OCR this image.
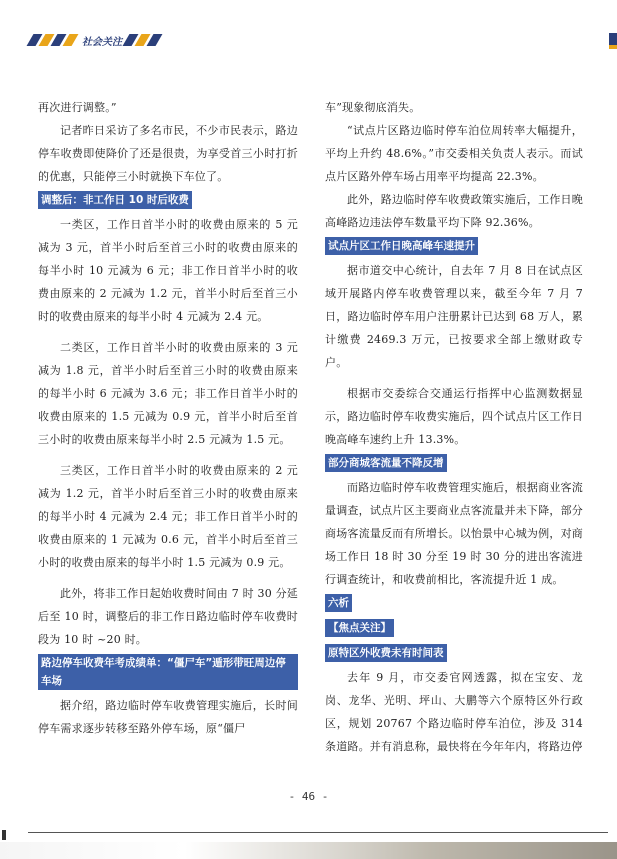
社会关注

再次进行调整。”

记者昨日采访了多名市民，不少市民表示，路边停车收费即使降价了还是很贵，为享受首三小时打折的优惠，只能停三小时就换下车位了。

调整后：非工作日 10 时后收费

一类区，工作日首半小时的收费由原来的 5 元减为 3 元，首半小时后至首三小时的收费由原来的每半小时 10 元减为 6 元；非工作日首半小时的收费由原来的 2 元减为 1.2 元，首半小时后至首三小时的收费由原来的每半小时 4 元减为 2.4 元。

二类区，工作日首半小时的收费由原来的 3 元减为 1.8 元，首半小时后至首三小时的收费由原来的每半小时 6 元减为 3.6 元；非工作日首半小时的收费由原来的 1.5 元减为 0.9 元，首半小时后至首三小时的收费由原来每半小时 2.5 元减为 1.5 元。

三类区，工作日首半小时的收费由原来的 2 元减为 1.2 元，首半小时后至首三小时的收费由原来的每半小时 4 元减为 2.4 元；非工作日首半小时的收费由原来的 1 元减为 0.6 元，首半小时后至首三小时的收费由原来的每半小时 1.5 元减为 0.9 元。

此外，将非工作日起始收费时间由 7 时 30 分延后至 10 时，调整后的非工作日路边临时停车收费时段为 10 时 ~20 时。

路边停车收费年考成绩单：“僵尸车”遁形带旺周边停车场

据介绍，路边临时停车收费管理实施后，长时间停车需求逐步转移至路外停车场，原“僵尸

车”现象彻底消失。

“试点片区路边临时停车泊位周转率大幅提升，平均上升约 48.6%。”市交委相关负责人表示。而试点片区路外停车场占用率平均提高 22.3%。

此外，路边临时停车收费政策实施后，工作日晚高峰路边违法停车数量平均下降 92.36%。

试点片区工作日晚高峰车速提升

据市道交中心统计，自去年 7 月 8 日在试点区域开展路内停车收费管理以来，截至今年 7 月 7 日，路边临时停车用户注册累计已达到 68 万人，累计缴费 2469.3 万元，已按要求全部上缴财政专户。

根据市交委综合交通运行指挥中心监测数据显示，路边临时停车收费实施后，四个试点片区工作日晚高峰车速约上升 13.3%。

部分商城客流量不降反增

而路边临时停车收费管理实施后，根据商业客流量调查，试点片区主要商业点客流量并未下降，部分商场客流量反而有所增长。以怡景中心城为例，对商场工作日 18 时 30 分至 19 时 30 分的进出客流进行调查统计，和收费前相比，客流提升近 1 成。

六析
【焦点关注】
原特区外收费未有时间表

去年 9 月，市交委官网透露，拟在宝安、龙岗、龙华、光明、坪山、大鹏等六个原特区外行政区，规划 20767 个路边临时停车泊位，涉及 314 条道路。并有消息称，最快将在今年年内，将路边停

- 46 -
